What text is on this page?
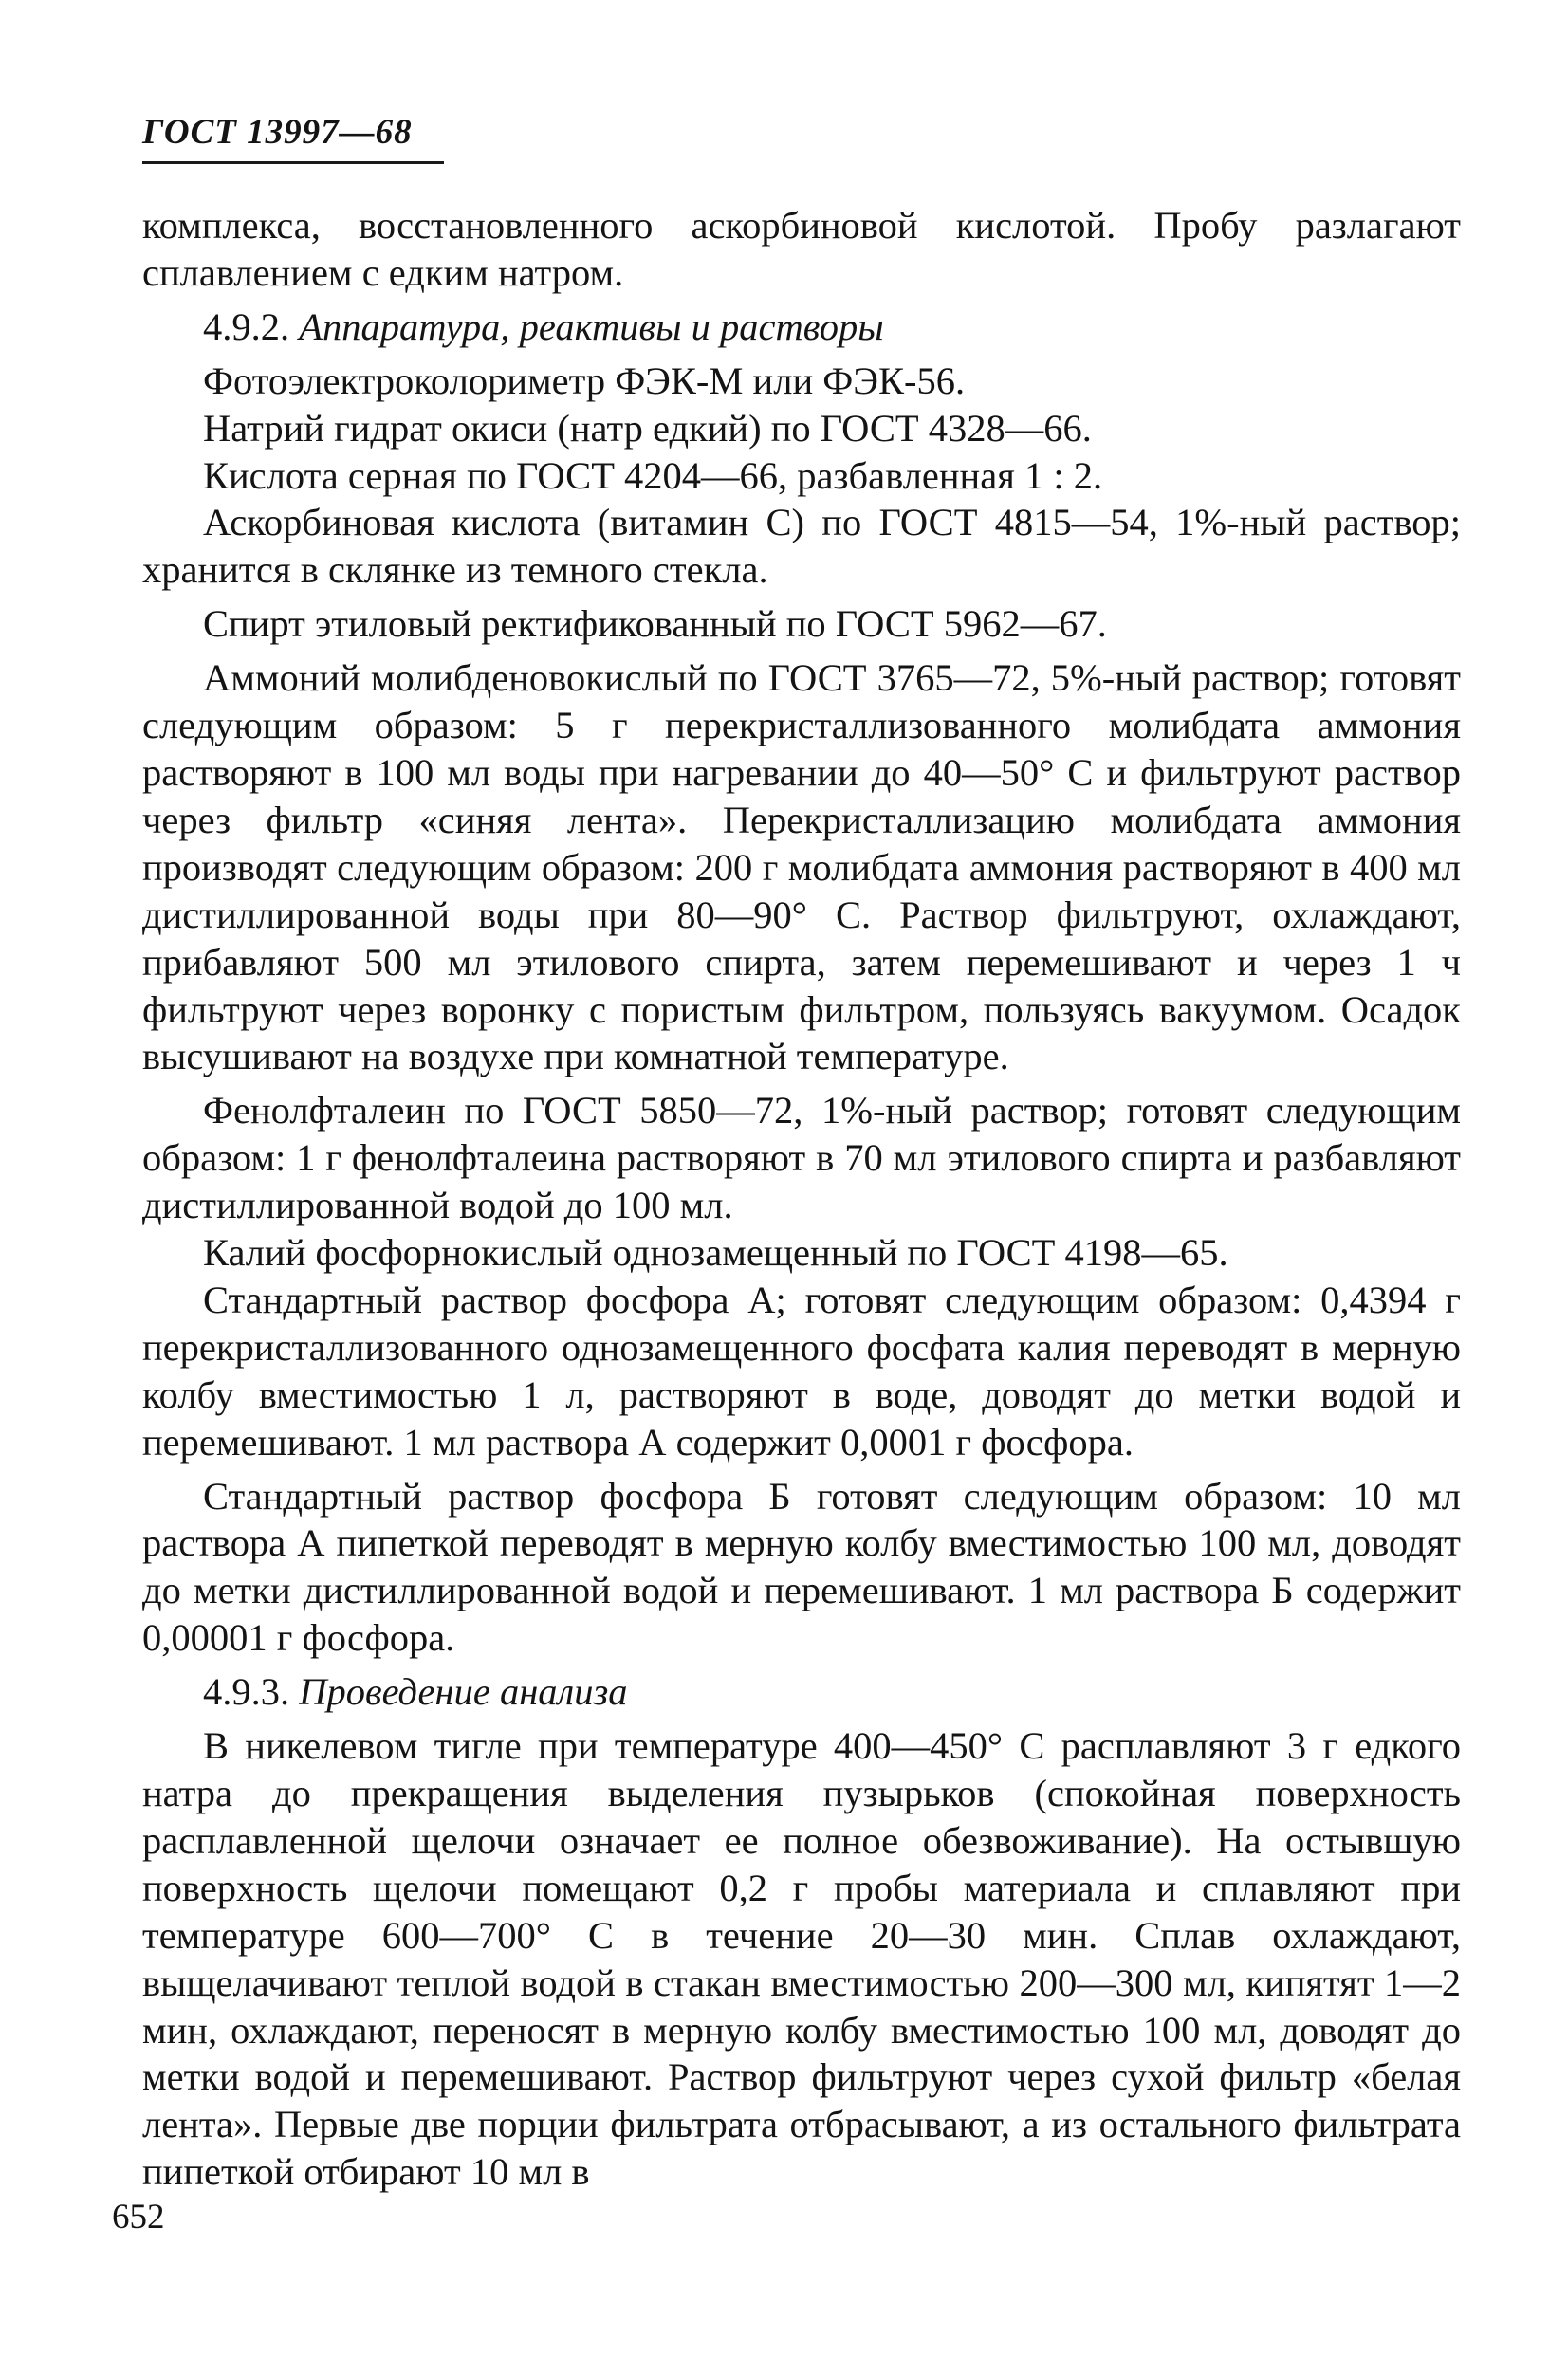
ГОСТ 13997—68

комплекса, восстановленного аскорбиновой кислотой. Пробу разлагают сплавлением с едким натром.

4.9.2. Аппаратура, реактивы и растворы

Фотоэлектроколориметр ФЭК-М или ФЭК-56.

Натрий гидрат окиси (натр едкий) по ГОСТ 4328—66.

Кислота серная по ГОСТ 4204—66, разбавленная 1 : 2.

Аскорбиновая кислота (витамин С) по ГОСТ 4815—54, 1%-ный раствор; хранится в склянке из темного стекла.

Спирт этиловый ректификованный по ГОСТ 5962—67.

Аммоний молибденовокислый по ГОСТ 3765—72, 5%-ный раствор; готовят следующим образом: 5 г перекристаллизованного молибдата аммония растворяют в 100 мл воды при нагревании до 40—50° С и фильтруют раствор через фильтр «синяя лента». Перекристаллизацию молибдата аммония производят следующим образом: 200 г молибдата аммония растворяют в 400 мл дистиллированной воды при 80—90° С. Раствор фильтруют, охлаждают, прибавляют 500 мл этилового спирта, затем перемешивают и через 1 ч фильтруют через воронку с пористым фильтром, пользуясь вакуумом. Осадок высушивают на воздухе при комнатной температуре.

Фенолфталеин по ГОСТ 5850—72, 1%-ный раствор; готовят следующим образом: 1 г фенолфталеина растворяют в 70 мл этилового спирта и разбавляют дистиллированной водой до 100 мл.

Калий фосфорнокислый однозамещенный по ГОСТ 4198—65.

Стандартный раствор фосфора А; готовят следующим образом: 0,4394 г перекристаллизованного однозамещенного фосфата калия переводят в мерную колбу вместимостью 1 л, растворяют в воде, доводят до метки водой и перемешивают. 1 мл раствора А содержит 0,0001 г фосфора.

Стандартный раствор фосфора Б готовят следующим образом: 10 мл раствора А пипеткой переводят в мерную колбу вместимостью 100 мл, доводят до метки дистиллированной водой и перемешивают. 1 мл раствора Б содержит 0,00001 г фосфора.

4.9.3. Проведение анализа

В никелевом тигле при температуре 400—450° С расплавляют 3 г едкого натра до прекращения выделения пузырьков (спокойная поверхность расплавленной щелочи означает ее полное обезвоживание). На остывшую поверхность щелочи помещают 0,2 г пробы материала и сплавляют при температуре 600—700° С в течение 20—30 мин. Сплав охлаждают, выщелачивают теплой водой в стакан вместимостью 200—300 мл, кипятят 1—2 мин, охлаждают, переносят в мерную колбу вместимостью 100 мл, доводят до метки водой и перемешивают. Раствор фильтруют через сухой фильтр «белая лента». Первые две порции фильтрата отбрасывают, а из остального фильтрата пипеткой отбирают 10 мл в

652
